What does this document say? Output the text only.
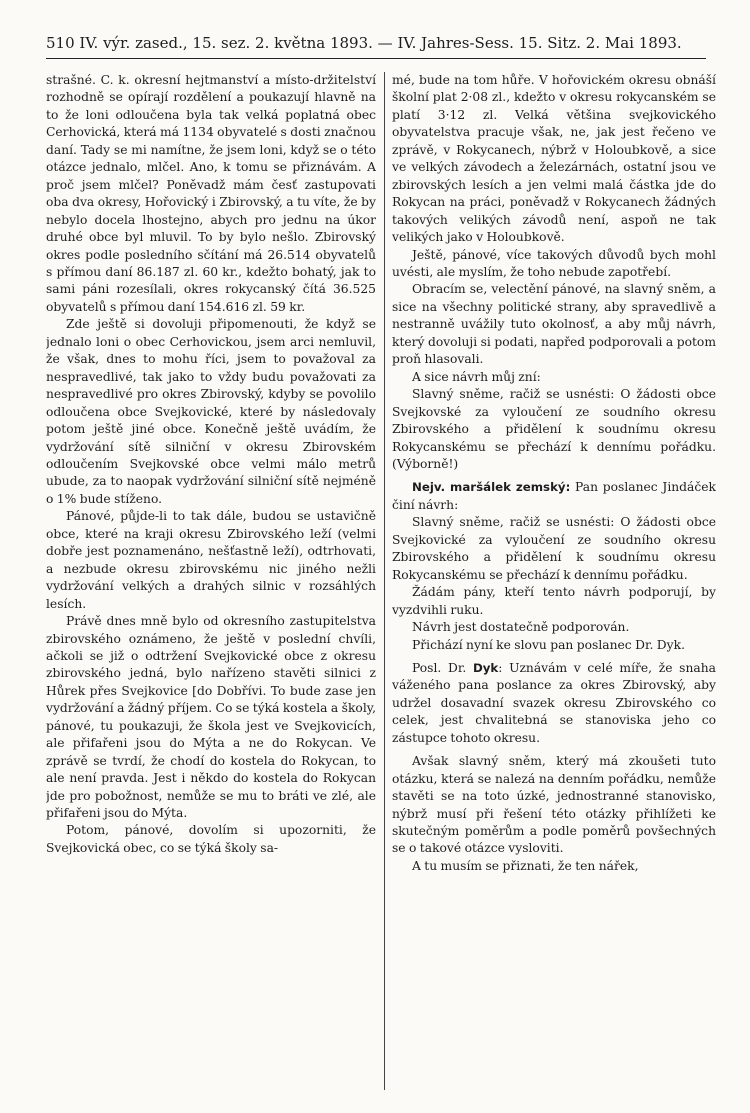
510 IV. výr. zased., 15. sez. 2. května 1893. — IV. Jahres-Sess. 15. Sitz. 2. Mai 1893.

strašné. C. k. okresní hejtmanství a místo-držitelství rozhodně se opírají rozdělení a poukazují hlavně na to že loni odloučena byla tak velká poplatná obec Cerhovická, která má 1134 obyvatelé s dosti značnou daní. Tady se mi namítne, že jsem loni, když se o této otázce jednalo, mlčel. Ano, k tomu se přiznávám. A proč jsem mlčel? Poněvadž mám česť zastupovati oba dva okresy, Hořovický i Zbirovský, a tu víte, že by nebylo docela lhostejno, abych pro jednu na úkor druhé obce byl mluvil. To by bylo nešlo. Zbirovský okres podle posledního sčítání má 26.514 obyvatelů s přímou daní 86.187 zl. 60 kr., kdežto bohatý, jak to sami páni rozesílali, okres rokycanský čítá 36.525 obyvatelů s přímou daní 154.616 zl. 59 kr.

Zde ještě si dovoluji připomenouti, že když se jednalo loni o obec Cerhovickou, jsem arci nemluvil, že však, dnes to mohu říci, jsem to považoval za nespravedlivé, tak jako to vždy budu považovati za nespravedlivé pro okres Zbirovský, kdyby se povolilo odloučena obce Svejkovické, které by následovaly potom ještě jiné obce. Konečně ještě uvádím, že vydržování sítě silniční v okresu Zbirovském odloučením Svejkovské obce velmi málo metrů ubude, za to naopak vydržování silniční sítě nejméně o 1% bude stíženo.

Pánové, půjde-li to tak dále, budou se ustavičně obce, které na kraji okresu Zbirovského leží (velmi dobře jest poznamenáno, nešťastně leží), odtrhovati, a nezbude okresu zbirovskému nic jiného nežli vydržování velkých a drahých silnic v rozsáhlých lesích.

Právě dnes mně bylo od okresního zastupitelstva zbirovského oznámeno, že ještě v poslední chvíli, ačkoli se již o odtržení Svejkovické obce z okresu zbirovského jedná, bylo nařízeno stavěti silnici z Hůrek přes Svejkovice [do Dobřívi. To bude zase jen vydržování a žádný příjem. Co se týká kostela a školy, pánové, tu poukazuji, že škola jest ve Svejkovicích, ale přifařeni jsou do Mýta a ne do Rokycan. Ve zprávě se tvrdí, že chodí do kostela do Rokycan, to ale není pravda. Jest i někdo do kostela do Rokycan jde pro pobožnost, nemůže se mu to bráti ve zlé, ale přifařeni jsou do Mýta.

Potom, pánové, dovolím si upozorniti, že Svejkovická obec, co se týká školy sa-

mé, bude na tom hůře. V hořovickém okresu obnáší školní plat 2·08 zl., kdežto v okresu rokycanském se platí 3·12 zl. Velká většina svejkovického obyvatelstva pracuje však, ne, jak jest řečeno ve zprávě, v Rokycanech, nýbrž v Holoubkově, a sice ve velkých závodech a železárnách, ostatní jsou ve zbirovských lesích a jen velmi malá částka jde do Rokycan na práci, poněvadž v Rokycanech žádných takových velikých závodů není, aspoň ne tak velikých jako v Holoubkově.

Ještě, pánové, více takových důvodů bych mohl uvésti, ale myslím, že toho nebude zapotřebí.

Obracím se, velectění pánové, na slavný sněm, a sice na všechny politické strany, aby spravedlivě a nestranně uvážily tuto okolnosť, a aby můj návrh, který dovoluji si podati, napřed podporovali a potom proň hlasovali.

A sice návrh můj zní:

Slavný sněme, račiž se usnésti: O žádosti obce Svejkovské za vyloučení ze soudního okresu Zbirovského a přidělení k soudnímu okresu Rokycanskému se přechází k dennímu pořádku. (Výborně!)

Nejv. maršálek zemský: Pan poslanec Jindáček činí návrh:

Slavný sněme, račiž se usnésti: O žádosti obce Svejkovické za vyloučení ze soudního okresu Zbirovského a přidělení k soudnímu okresu Rokycanskému se přechází k dennímu pořádku.

Žádám pány, kteří tento návrh podporují, by vyzdvihli ruku.

Návrh jest dostatečně podporován.

Přichází nyní ke slovu pan poslanec Dr. Dyk.

Posl. Dr. Dyk: Uznávám v celé míře, že snaha váženého pana poslance za okres Zbirovský, aby udržel dosavadní svazek okresu Zbirovského co celek, jest chvalitebná se stanoviska jeho co zástupce tohoto okresu.

Avšak slavný sněm, který má zkoušeti tuto otázku, která se nalezá na denním pořádku, nemůže stavěti se na toto úzké, jednostranné stanovisko, nýbrž musí při řešení této otázky přihlížeti ke skutečným poměrům a podle poměrů povšechných se o takové otázce vysloviti.

A tu musím se přiznati, že ten nářek,
